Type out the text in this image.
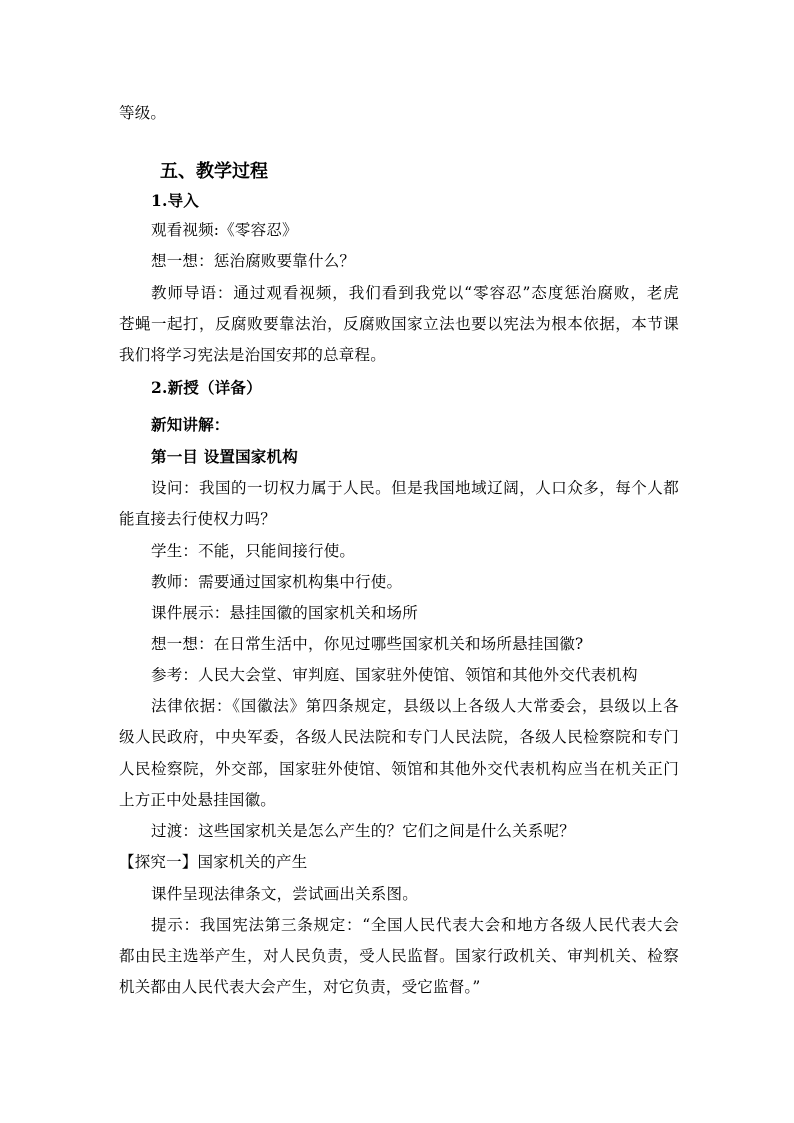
等级。
五、教学过程
1.导入
观看视频:《零容忍》
想一想：惩治腐败要靠什么？
教师导语：通过观看视频，我们看到我党以“零容忍”态度惩治腐败，老虎
苍蝇一起打，反腐败要靠法治，反腐败国家立法也要以宪法为根本依据，本节课
我们将学习宪法是治国安邦的总章程。
2.新授（详备）
新知讲解：
第一目 设置国家机构
设问：我国的一切权力属于人民。但是我国地域辽阔，人口众多，每个人都
能直接去行使权力吗？
学生：不能，只能间接行使。
教师：需要通过国家机构集中行使。
课件展示：悬挂国徽的国家机关和场所
想一想：在日常生活中，你见过哪些国家机关和场所悬挂国徽?
参考：人民大会堂、审判庭、国家驻外使馆、领馆和其他外交代表机构
法律依据：《国徽法》第四条规定，县级以上各级人大常委会，县级以上各
级人民政府，中央军委，各级人民法院和专门人民法院，各级人民检察院和专门
人民检察院，外交部，国家驻外使馆、领馆和其他外交代表机构应当在机关正门
上方正中处悬挂国徽。
过渡：这些国家机关是怎么产生的？它们之间是什么关系呢？
【探究一】国家机关的产生
课件呈现法律条文，尝试画出关系图。
提示：我国宪法第三条规定：“全国人民代表大会和地方各级人民代表大会
都由民主选举产生，对人民负责，受人民监督。国家行政机关、审判机关、检察
机关都由人民代表大会产生，对它负责，受它监督。”
